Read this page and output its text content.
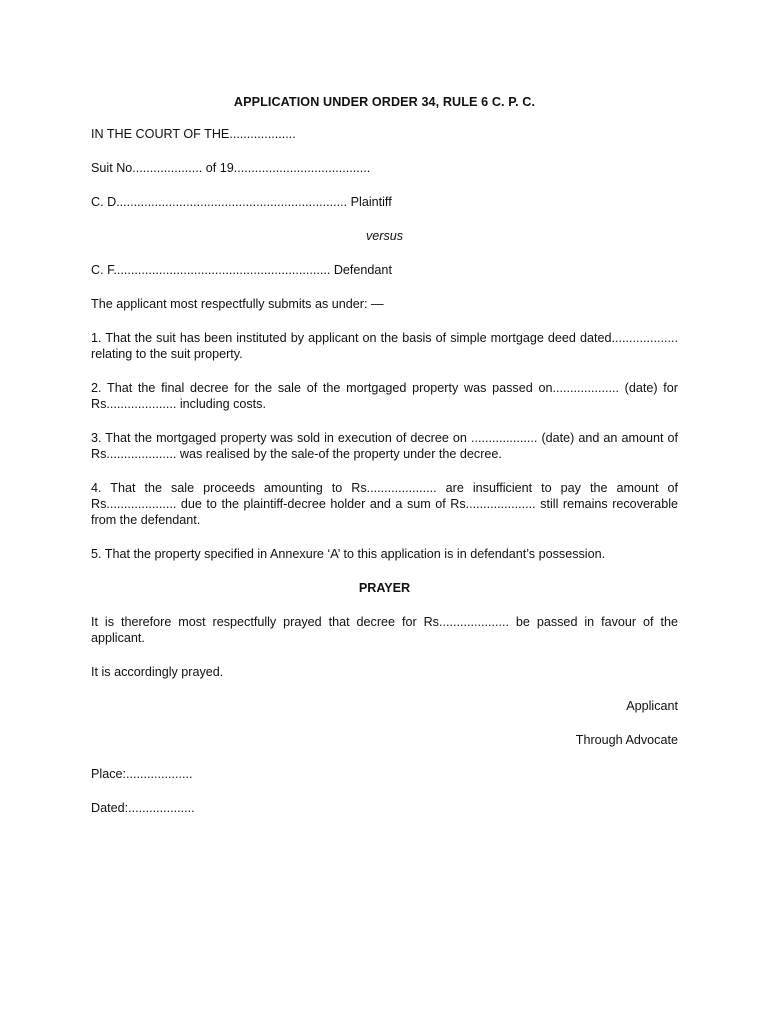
APPLICATION UNDER ORDER 34, RULE 6 C. P. C.
IN THE COURT OF THE...................
Suit No.................... of 19.......................................
C. D.................................................................. Plaintiff
versus
C. F.............................................................. Defendant
The applicant most respectfully submits as under: —
1. That the suit has been instituted by applicant on the basis of simple mortgage deed dated................... relating to the suit property.
2. That the final decree for the sale of the mortgaged property was passed on................... (date) for Rs.................... including costs.
3. That the mortgaged property was sold in execution of decree on ................... (date) and an amount of Rs.................... was realised by the sale-of the property under the decree.
4. That the sale proceeds amounting to Rs.................... are insufficient to pay the amount of Rs.................... due to the plaintiff-decree holder and a sum of Rs.................... still remains recoverable from the defendant.
5. That the property specified in Annexure ‘A’ to this application is in defendant’s possession.
PRAYER
It is therefore most respectfully prayed that decree for Rs.................... be passed in favour of the applicant.
It is accordingly prayed.
Applicant
Through Advocate
Place:...................
Dated:...................
